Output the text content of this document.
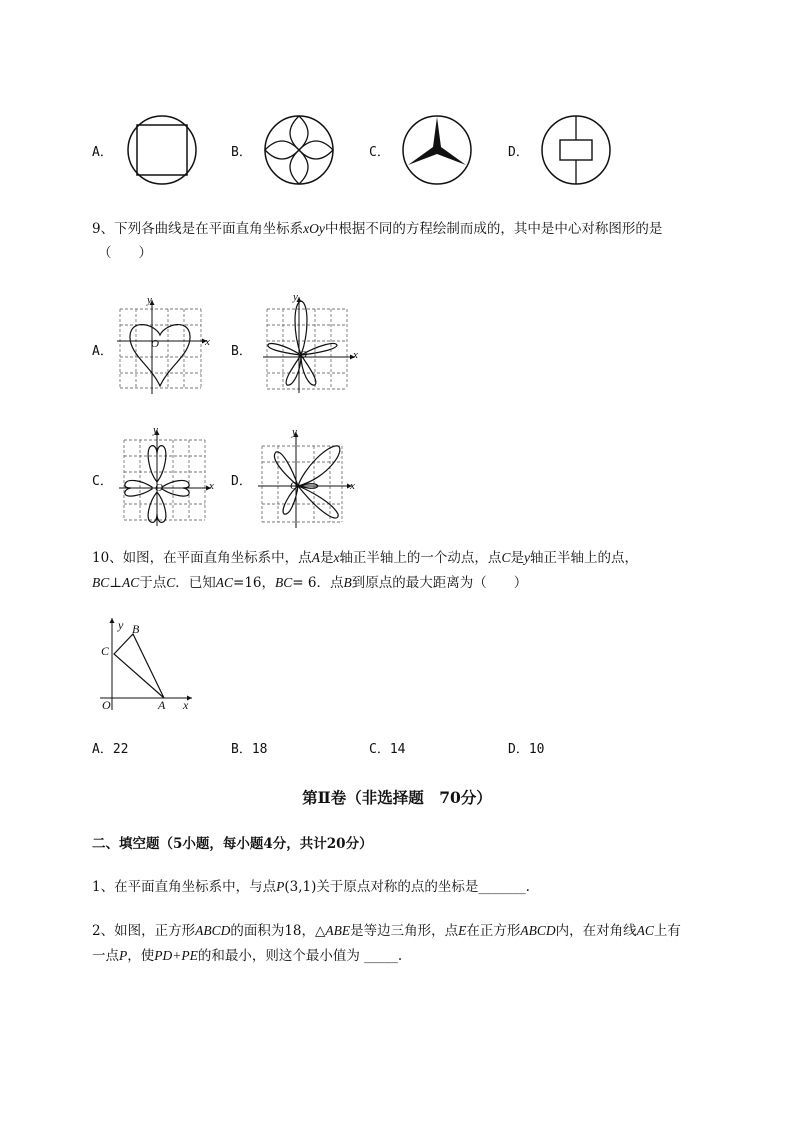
A．	B．	C．	D．
9、下列各曲线是在平面直角坐标系xOy中根据不同的方程绘制而成的，其中是中心对称图形的是
（　　）
A．
y
x
O	B．
y
x
O
C．
y
x
O	D．
y
x
O
10、如图，在平面直角坐标系中，点A是x轴正半轴上的一个动点，点C是y轴正半轴上的点，
BC⊥AC于点C．已知AC=16，BC= 6．点B到原点的最大距离为（　　）
y B
C
O	A x
A．22	B．18	C．14	D．10
第Ⅱ卷（非选择题　70分）
二、填空题（5小题，每小题4分，共计20分）
1、在平面直角坐标系中，与点P(3,1)关于原点对称的点的坐标是_______.
2、如图，正方形ABCD的面积为18，△ABE是等边三角形，点E在正方形ABCD内，在对角线AC上有
一点P，使PD+PE的和最小，则这个最小值为 _____.
